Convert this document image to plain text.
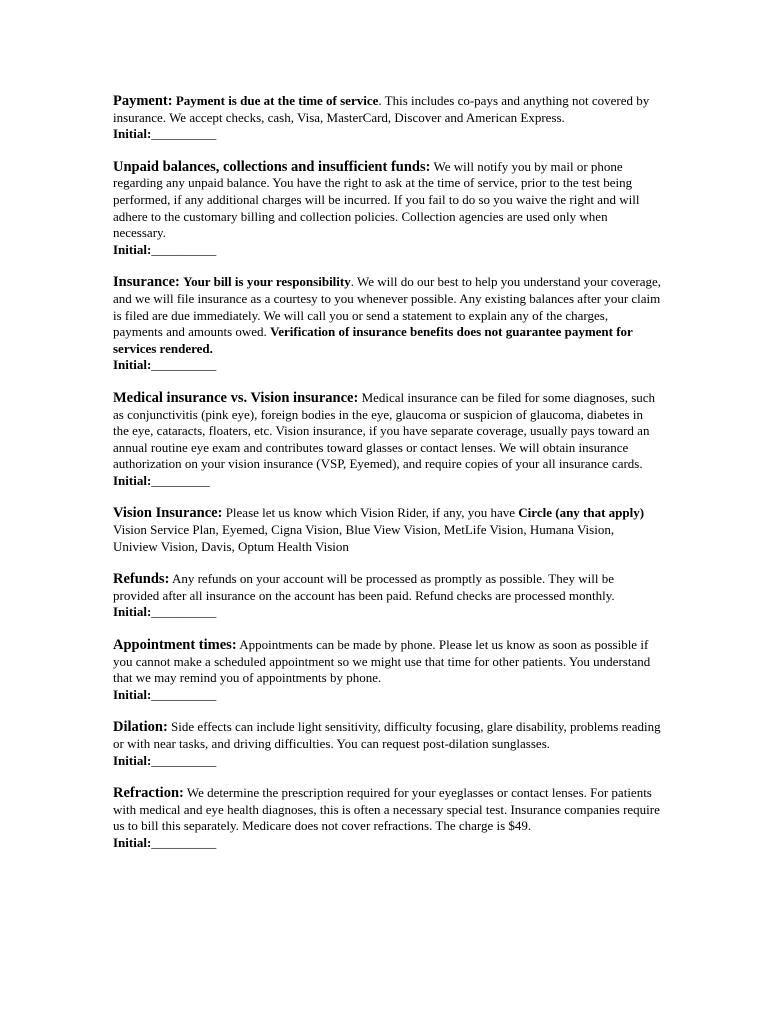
Payment: Payment is due at the time of service. This includes co-pays and anything not covered by insurance. We accept checks, cash, Visa, MasterCard, Discover and American Express.
Initial:__________
Unpaid balances, collections and insufficient funds: We will notify you by mail or phone regarding any unpaid balance. You have the right to ask at the time of service, prior to the test being performed, if any additional charges will be incurred. If you fail to do so you waive the right and will adhere to the customary billing and collection policies. Collection agencies are used only when necessary.
Initial:__________
Insurance: Your bill is your responsibility. We will do our best to help you understand your coverage, and we will file insurance as a courtesy to you whenever possible. Any existing balances after your claim is filed are due immediately. We will call you or send a statement to explain any of the charges, payments and amounts owed. Verification of insurance benefits does not guarantee payment for services rendered.
Initial:__________
Medical insurance vs. Vision insurance: Medical insurance can be filed for some diagnoses, such as conjunctivitis (pink eye), foreign bodies in the eye, glaucoma or suspicion of glaucoma, diabetes in the eye, cataracts, floaters, etc. Vision insurance, if you have separate coverage, usually pays toward an annual routine eye exam and contributes toward glasses or contact lenses. We will obtain insurance authorization on your vision insurance (VSP, Eyemed), and require copies of your all insurance cards.
Initial:_________
Vision Insurance: Please let us know which Vision Rider, if any, you have Circle (any that apply) Vision Service Plan, Eyemed, Cigna Vision, Blue View Vision, MetLife Vision, Humana Vision, Uniview Vision, Davis, Optum Health Vision
Refunds: Any refunds on your account will be processed as promptly as possible. They will be provided after all insurance on the account has been paid. Refund checks are processed monthly.
Initial:__________
Appointment times: Appointments can be made by phone. Please let us know as soon as possible if you cannot make a scheduled appointment so we might use that time for other patients. You understand that we may remind you of appointments by phone.
Initial:__________
Dilation: Side effects can include light sensitivity, difficulty focusing, glare disability, problems reading or with near tasks, and driving difficulties. You can request post-dilation sunglasses.
Initial:__________
Refraction: We determine the prescription required for your eyeglasses or contact lenses. For patients with medical and eye health diagnoses, this is often a necessary special test. Insurance companies require us to bill this separately. Medicare does not cover refractions. The charge is $49.
Initial:__________
